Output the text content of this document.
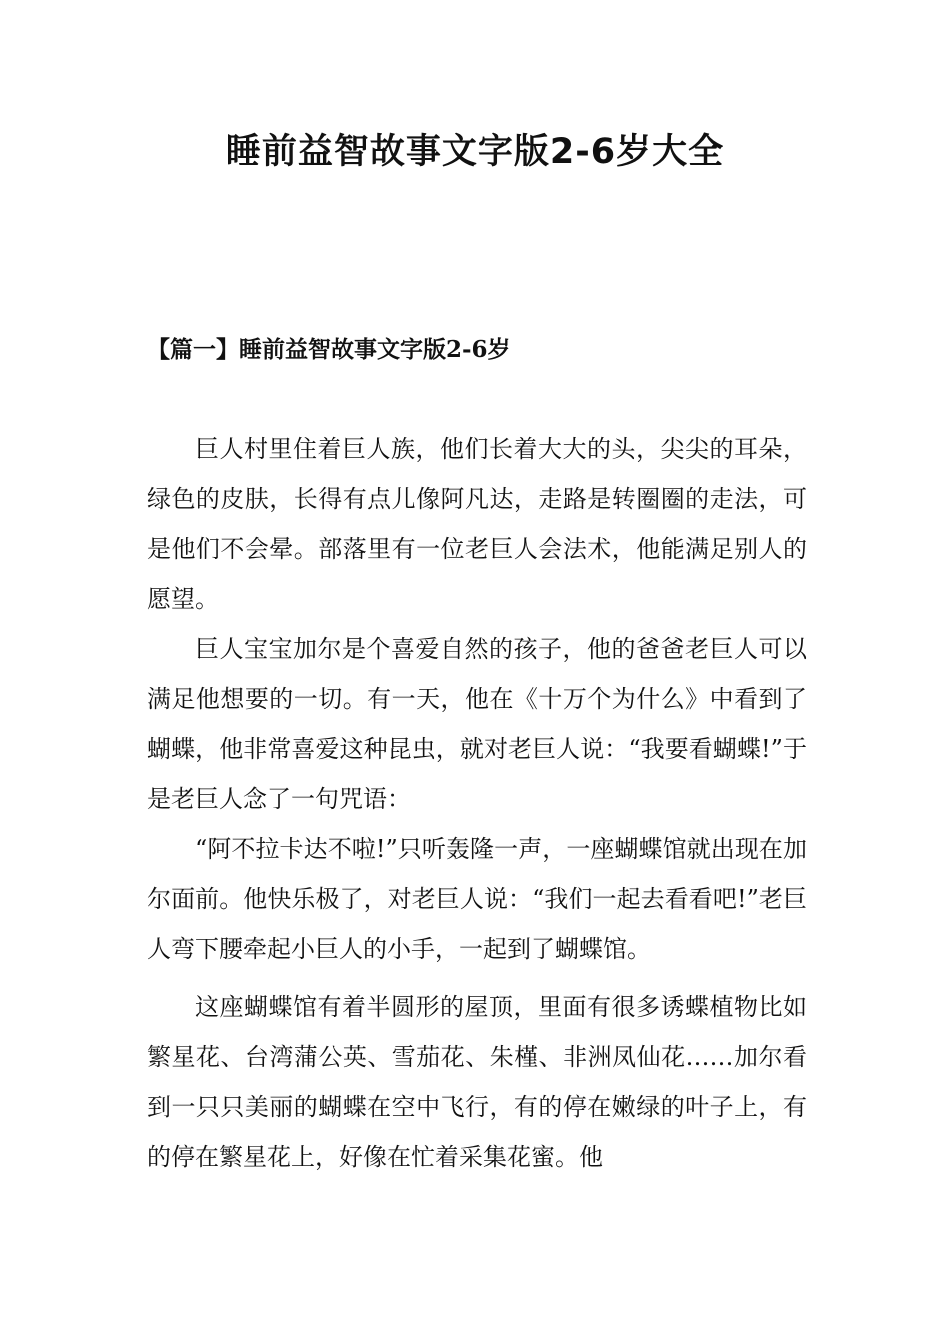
睡前益智故事文字版2-6岁大全
【篇一】睡前益智故事文字版2-6岁

巨人村里住着巨人族，他们长着大大的头，尖尖的耳朵，绿色的皮肤，长得有点儿像阿凡达，走路是转圈圈的走法，可是他们不会晕。部落里有一位老巨人会法术，他能满足别人的愿望。

巨人宝宝加尔是个喜爱自然的孩子，他的爸爸老巨人可以满足他想要的一切。有一天，他在《十万个为什么》中看到了蝴蝶，他非常喜爱这种昆虫，就对老巨人说：“我要看蝴蝶!”于是老巨人念了一句咒语：

“阿不拉卡达不啦!”只听轰隆一声，一座蝴蝶馆就出现在加尔面前。他快乐极了，对老巨人说：“我们一起去看看吧!”老巨人弯下腰牵起小巨人的小手，一起到了蝴蝶馆。

这座蝴蝶馆有着半圆形的屋顶，里面有很多诱蝶植物比如繁星花、台湾蒲公英、雪茄花、朱槿、非洲凤仙花……加尔看到一只只美丽的蝴蝶在空中飞行，有的停在嫩绿的叶子上，有的停在繁星花上，好像在忙着采集花蜜。他
